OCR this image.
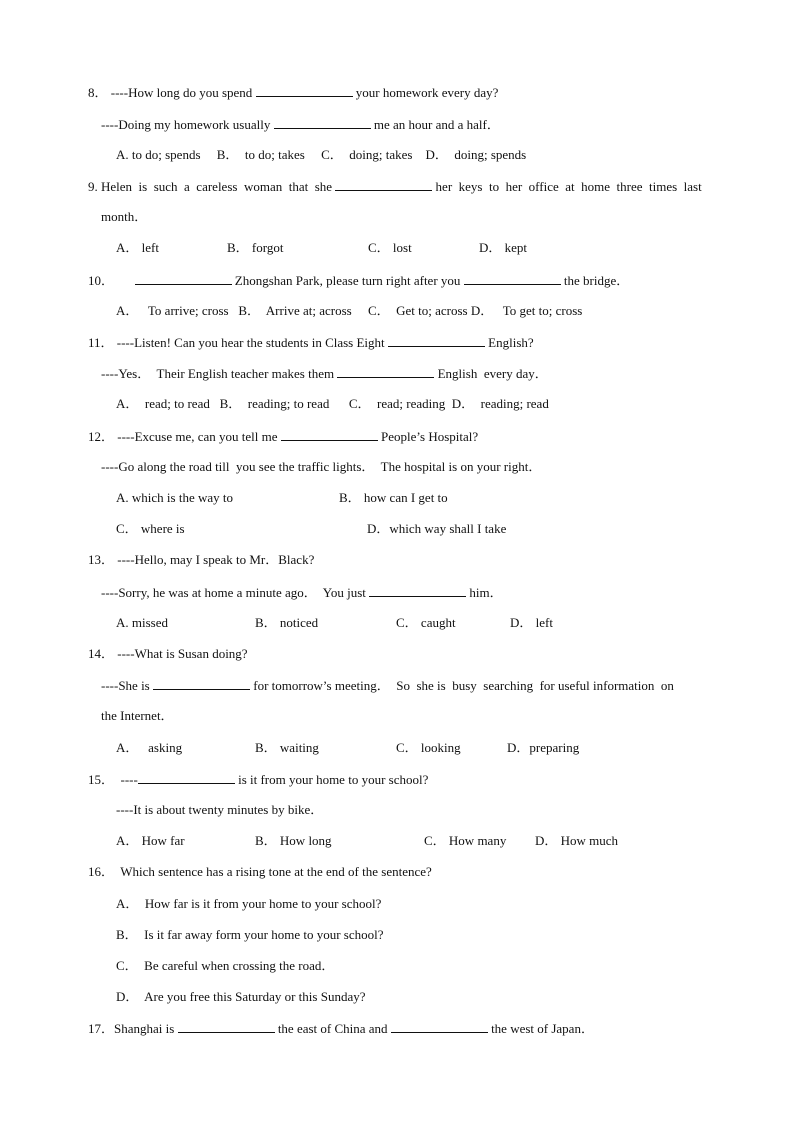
8． ----How long do you spend	your homework every day?
----Doing my homework usually	me an hour and a half．
A. to do; spends     B．  to do; takes     C．  doing; takes    D．  doing; spends
9. Helen  is  such  a  careless  woman  that  she	her  keys  to  her  office  at  home  three  times  last
month．
A． left	B． forgot	C． lost	D． kept
10．	Zhongshan Park, please turn right after you	the bridge．
A．   To arrive; cross   B．  Arrive at; across     C．  Get to; across D．   To get to; cross
11． ----Listen! Can you hear the students in Class Eight	English?
----Yes．  Their English teacher makes them	English  every day．
A．  read; to read   B．  reading; to read      C．  read; reading  D．  reading; read
12． ----Excuse me, can you tell me	People’s Hospital?
----Go along the road till  you see the traffic lights．  The hospital is on your right．
A. which is the way to	B． how can I get to
C． where is	D．which way shall I take
13． ----Hello, may I speak to Mr．Black?
----Sorry, he was at home a minute ago．  You just	him．
A. missed	B． noticed	C． caught	D． left
14． ----What is Susan doing?
----She is	for tomorrow’s meeting．  So  she is  busy  searching  for useful information  on
the Internet．
A．   asking	B． waiting	C． looking	D．preparing
15．  ----	is it from your home to your school?
----It is about twenty minutes by bike．
A． How far	B． How long	C． How many D． How much
16．  Which sentence has a rising tone at the end of the sentence?
A．  How far is it from your home to your school?
B．  Is it far away form your home to your school?
C．  Be careful when crossing the road．
D．  Are you free this Saturday or this Sunday?
17．Shanghai is	the east of China and	the west of Japan．
